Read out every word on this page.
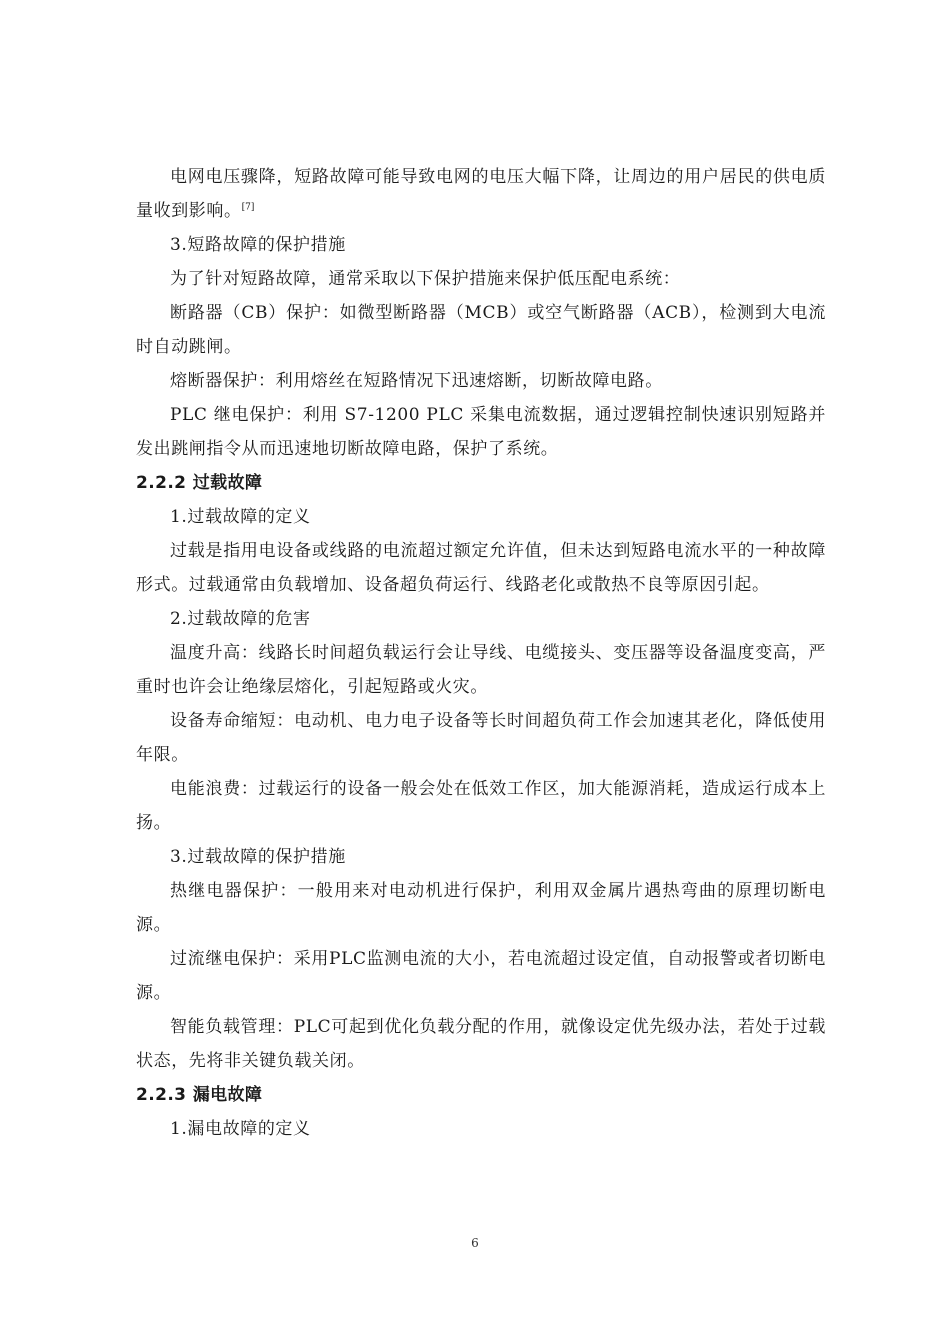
电网电压骤降，短路故障可能导致电网的电压大幅下降，让周边的用户居民的供电质量收到影响。[7]

3.短路故障的保护措施

为了针对短路故障，通常采取以下保护措施来保护低压配电系统：

断路器（CB）保护：如微型断路器（MCB）或空气断路器（ACB），检测到大电流时自动跳闸。

熔断器保护：利用熔丝在短路情况下迅速熔断，切断故障电路。

PLC 继电保护：利用 S7-1200 PLC 采集电流数据，通过逻辑控制快速识别短路并发出跳闸指令从而迅速地切断故障电路，保护了系统。

2.2.2 过载故障

1.过载故障的定义

过载是指用电设备或线路的电流超过额定允许值，但未达到短路电流水平的一种故障形式。过载通常由负载增加、设备超负荷运行、线路老化或散热不良等原因引起。

2.过载故障的危害

温度升高：线路长时间超负载运行会让导线、电缆接头、变压器等设备温度变高，严重时也许会让绝缘层熔化，引起短路或火灾。

设备寿命缩短：电动机、电力电子设备等长时间超负荷工作会加速其老化，降低使用年限。

电能浪费：过载运行的设备一般会处在低效工作区，加大能源消耗，造成运行成本上扬。

3.过载故障的保护措施

热继电器保护：一般用来对电动机进行保护，利用双金属片遇热弯曲的原理切断电源。

过流继电保护：采用PLC监测电流的大小，若电流超过设定值，自动报警或者切断电源。

智能负载管理：PLC可起到优化负载分配的作用，就像设定优先级办法，若处于过载状态，先将非关键负载关闭。

2.2.3 漏电故障

1.漏电故障的定义

6
